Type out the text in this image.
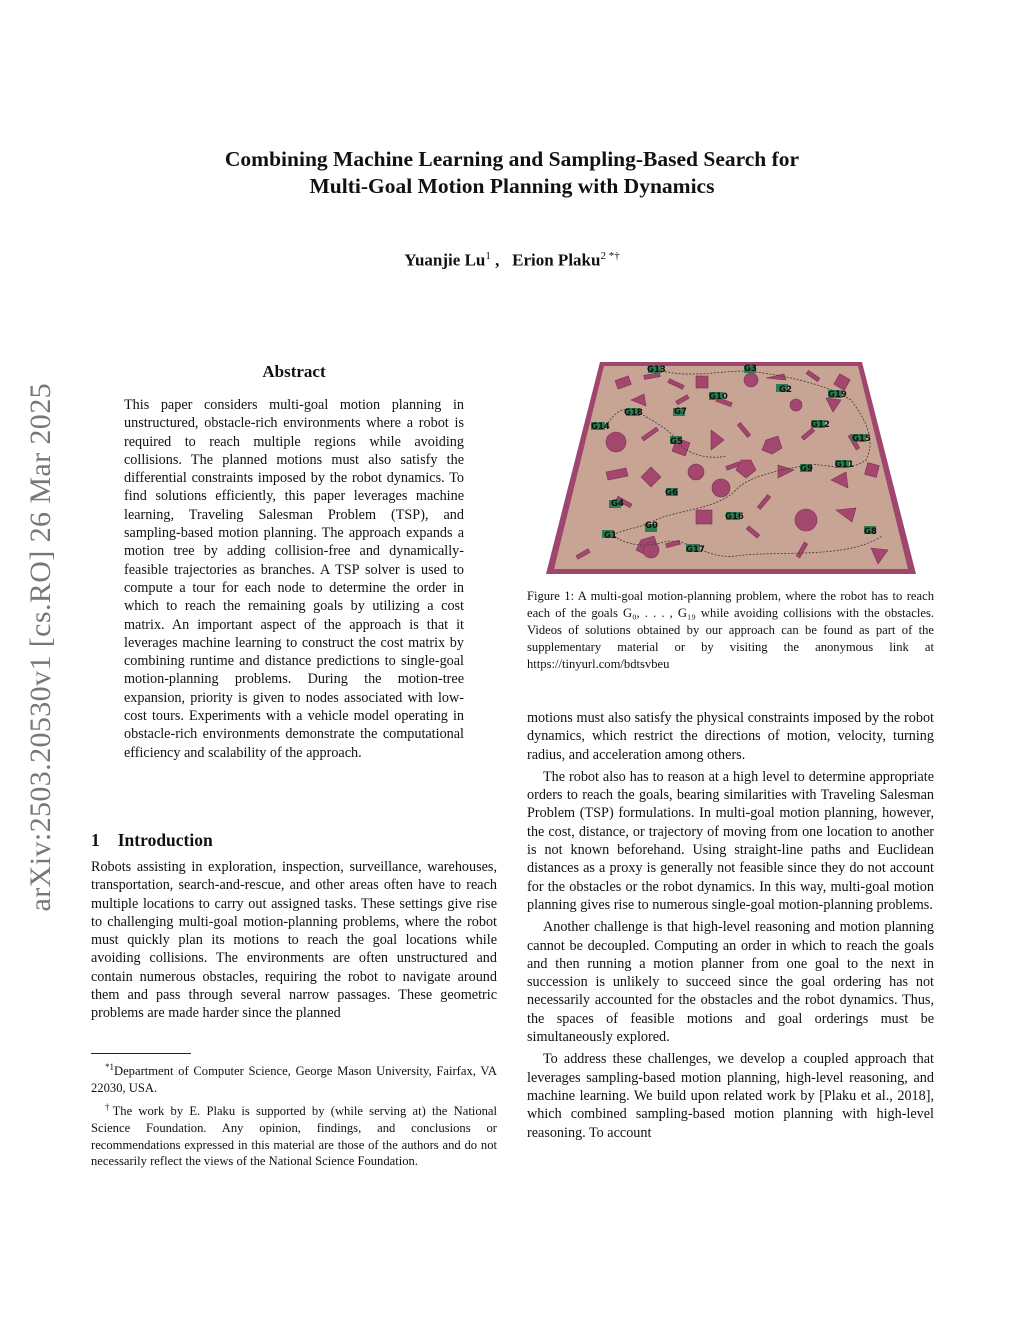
arXiv:2503.20530v1 [cs.RO] 26 Mar 2025
Combining Machine Learning and Sampling-Based Search for
Multi-Goal Motion Planning with Dynamics
Yuanjie Lu$^1$ , Erion Plaku$^{2 *\dagger}$
Abstract
This paper considers multi-goal motion planning in unstructured, obstacle-rich environments where a robot is required to reach multiple regions while avoiding collisions. The planned motions must also satisfy the differential constraints imposed by the robot dynamics. To find solutions efficiently, this paper leverages machine learning, Traveling Salesman Problem (TSP), and sampling-based motion planning. The approach expands a motion tree by adding collision-free and dynamically-feasible trajectories as branches. A TSP solver is used to compute a tour for each node to determine the order in which to reach the remaining goals by utilizing a cost matrix. An important aspect of the approach is that it leverages machine learning to construct the cost matrix by combining runtime and distance predictions to single-goal motion-planning problems. During the motion-tree expansion, priority is given to nodes associated with low-cost tours. Experiments with a vehicle model operating in obstacle-rich environments demonstrate the computational efficiency and scalability of the approach.
1 Introduction
Robots assisting in exploration, inspection, surveillance, warehouses, transportation, search-and-rescue, and other areas often have to reach multiple locations to carry out assigned tasks. These settings give rise to challenging multi-goal motion-planning problems, where the robot must quickly plan its motions to reach the goal locations while avoiding collisions. The environments are often unstructured and contain numerous obstacles, requiring the robot to navigate around them and pass through several narrow passages. These geometric problems are made harder since the planned

$^{*1}$Department of Computer Science, George Mason University, Fairfax, VA 22030, USA.

†The work by E. Plaku is supported by (while serving at) the National Science Foundation. Any opinion, findings, and conclusions or recommendations expressed in this material are those of the authors and do not necessarily reflect the views of the National Science Foundation.

G1
G0
G2
G3
G4
G5
G6
G7
G8
G9
G10
G11
G12
G13
G14
G15
G16
G17
G18
G19
Figure 1: A multi-goal motion-planning problem, where the robot has to reach each of the goals G₀, . . . , G₁₉ while avoiding collisions with the obstacles. Videos of solutions obtained by our approach can be found as part of the supplementary material or by visiting the anonymous link at https://tinyurl.com/bdtsvbeu

motions must also satisfy the physical constraints imposed by the robot dynamics, which restrict the directions of motion, velocity, turning radius, and acceleration among others.

The robot also has to reason at a high level to determine appropriate orders to reach the goals, bearing similarities with Traveling Salesman Problem (TSP) formulations. In multi-goal motion planning, however, the cost, distance, or trajectory of moving from one location to another is not known beforehand. Using straight-line paths and Euclidean distances as a proxy is generally not feasible since they do not account for the obstacles or the robot dynamics. In this way, multi-goal motion planning gives rise to numerous single-goal motion-planning problems.

Another challenge is that high-level reasoning and motion planning cannot be decoupled. Computing an order in which to reach the goals and then running a motion planner from one goal to the next in succession is unlikely to succeed since the goal ordering has not necessarily accounted for the obstacles and the robot dynamics. Thus, the spaces of feasible motions and goal orderings must be simultaneously explored.

To address these challenges, we develop a coupled approach that leverages sampling-based motion planning, high-level reasoning, and machine learning. We build upon related work by [Plaku et al., 2018], which combined sampling-based motion planning with high-level reasoning. To account
